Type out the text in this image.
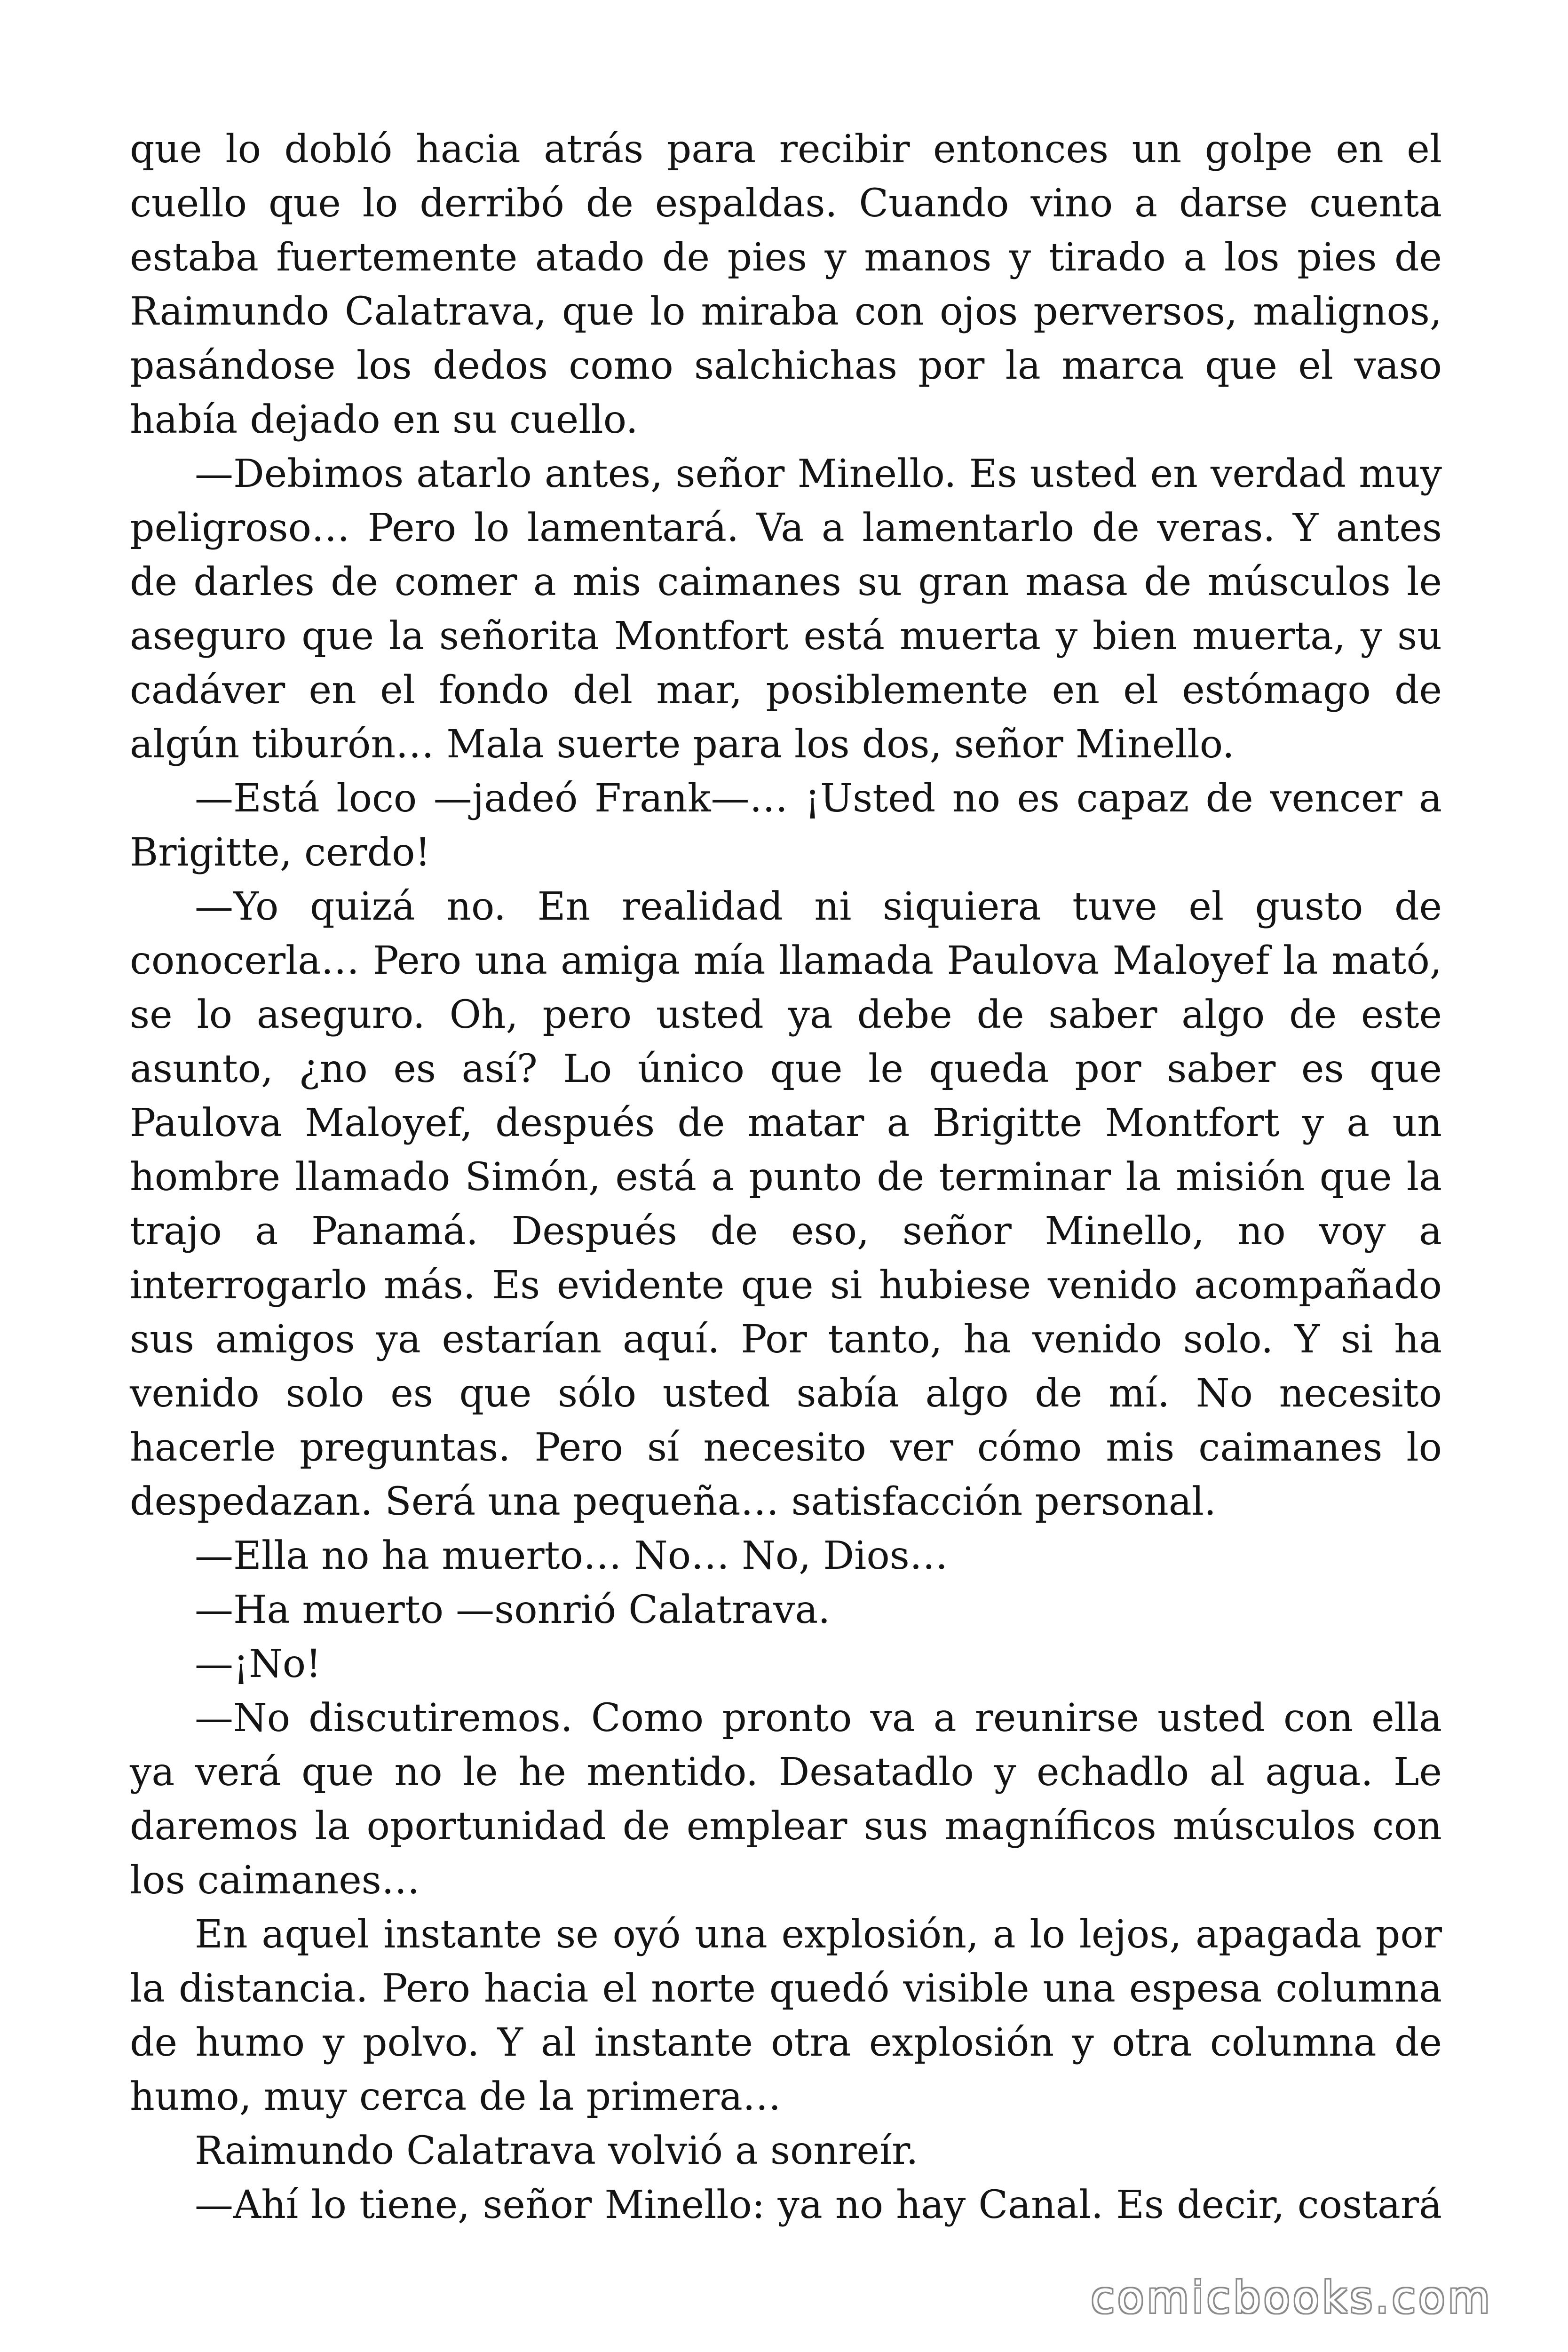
que lo dobló hacia atrás para recibir entonces un golpe en el cuello que lo derribó de espaldas. Cuando vino a darse cuenta estaba fuertemente atado de pies y manos y tirado a los pies de Raimundo Calatrava, que lo miraba con ojos perversos, malignos, pasándose los dedos como salchichas por la marca que el vaso había dejado en su cuello.

—Debimos atarlo antes, señor Minello. Es usted en verdad muy peligroso… Pero lo lamentará. Va a lamentarlo de veras. Y antes de darles de comer a mis caimanes su gran masa de músculos le aseguro que la señorita Montfort está muerta y bien muerta, y su cadáver en el fondo del mar, posiblemente en el estómago de algún tiburón… Mala suerte para los dos, señor Minello.

—Está loco —jadeó Frank—… ¡Usted no es capaz de vencer a Brigitte, cerdo!

—Yo quizá no. En realidad ni siquiera tuve el gusto de conocerla… Pero una amiga mía llamada Paulova Maloyef la mató, se lo aseguro. Oh, pero usted ya debe de saber algo de este asunto, ¿no es así? Lo único que le queda por saber es que Paulova Maloyef, después de matar a Brigitte Montfort y a un hombre llamado Simón, está a punto de terminar la misión que la trajo a Panamá. Después de eso, señor Minello, no voy a interrogarlo más. Es evidente que si hubiese venido acompañado sus amigos ya estarían aquí. Por tanto, ha venido solo. Y si ha venido solo es que sólo usted sabía algo de mí. No necesito hacerle preguntas. Pero sí necesito ver cómo mis caimanes lo despedazan. Será una pequeña… satisfacción personal.

—Ella no ha muerto… No… No, Dios…

—Ha muerto —sonrió Calatrava.

—¡No!

—No discutiremos. Como pronto va a reunirse usted con ella ya verá que no le he mentido. Desatadlo y echadlo al agua. Le daremos la oportunidad de emplear sus magníficos músculos con los caimanes…

En aquel instante se oyó una explosión, a lo lejos, apagada por la distancia. Pero hacia el norte quedó visible una espesa columna de humo y polvo. Y al instante otra explosión y otra columna de humo, muy cerca de la primera…

Raimundo Calatrava volvió a sonreír.

—Ahí lo tiene, señor Minello: ya no hay Canal. Es decir, costará

comicbooks.com
